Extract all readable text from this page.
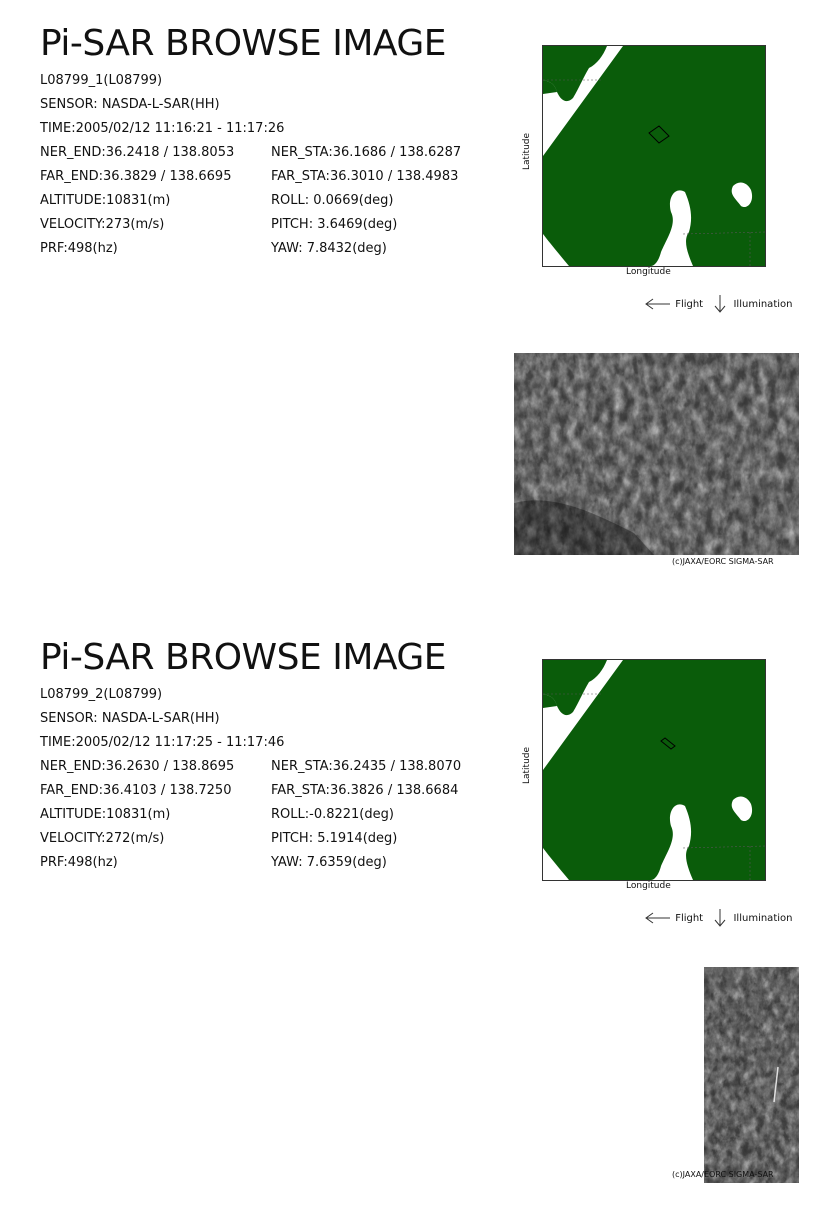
Pi-SAR BROWSE IMAGE
L08799_1(L08799)
SENSOR: NASDA-L-SAR(HH)
TIME:2005/02/12 11:16:21 - 11:17:26
NER_END:36.2418 / 138.8053	NER_STA:36.1686 / 138.6287
FAR_END:36.3829 / 138.6695	FAR_STA:36.3010 / 138.4983
ALTITUDE:10831(m)	ROLL: 0.0669(deg)
VELOCITY:273(m/s)	PITCH: 3.6469(deg)
PRF:498(hz)	YAW: 7.8432(deg)
Latitude
Longitude
Flight	Illumination
(c)JAXA/EORC SIGMA-SAR
Pi-SAR BROWSE IMAGE
L08799_2(L08799)
SENSOR: NASDA-L-SAR(HH)
TIME:2005/02/12 11:17:25 - 11:17:46
NER_END:36.2630 / 138.8695	NER_STA:36.2435 / 138.8070
FAR_END:36.4103 / 138.7250	FAR_STA:36.3826 / 138.6684
ALTITUDE:10831(m)	ROLL:-0.8221(deg)
VELOCITY:272(m/s)	PITCH: 5.1914(deg)
PRF:498(hz)	YAW: 7.6359(deg)
Latitude
Longitude
Flight	Illumination
(c)JAXA/EORC SIGMA-SAR
